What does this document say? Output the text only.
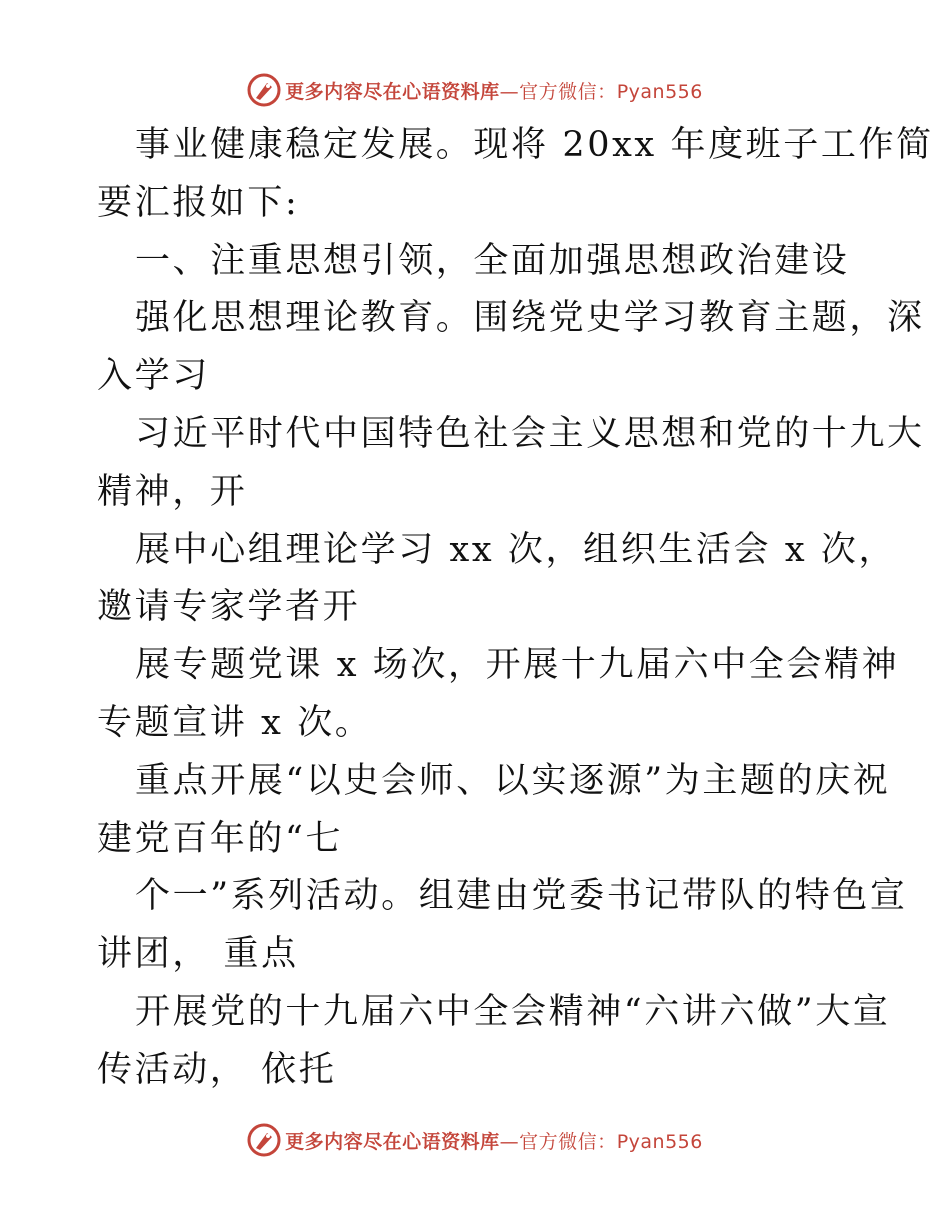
更多内容尽在心语资料库—官方微信：Pyan556
事业健康稳定发展。现将 20xx 年度班子工作简
要汇报如下:
一、注重思想引领，全面加强思想政治建设
强化思想理论教育。围绕党史学习教育主题，深
入学习
习近平时代中国特色社会主义思想和党的十九大
精神，开
展中心组理论学习 xx 次，组织生活会 x 次，
邀请专家学者开
展专题党课 x 场次，开展十九届六中全会精神
专题宣讲 x 次。
重点开展“以史会师、以实逐源”为主题的庆祝
建党百年的“七
个一”系列活动。组建由党委书记带队的特色宣
讲团， 重点
开展党的十九届六中全会精神“六讲六做”大宣
传活动， 依托
更多内容尽在心语资料库—官方微信：Pyan556
